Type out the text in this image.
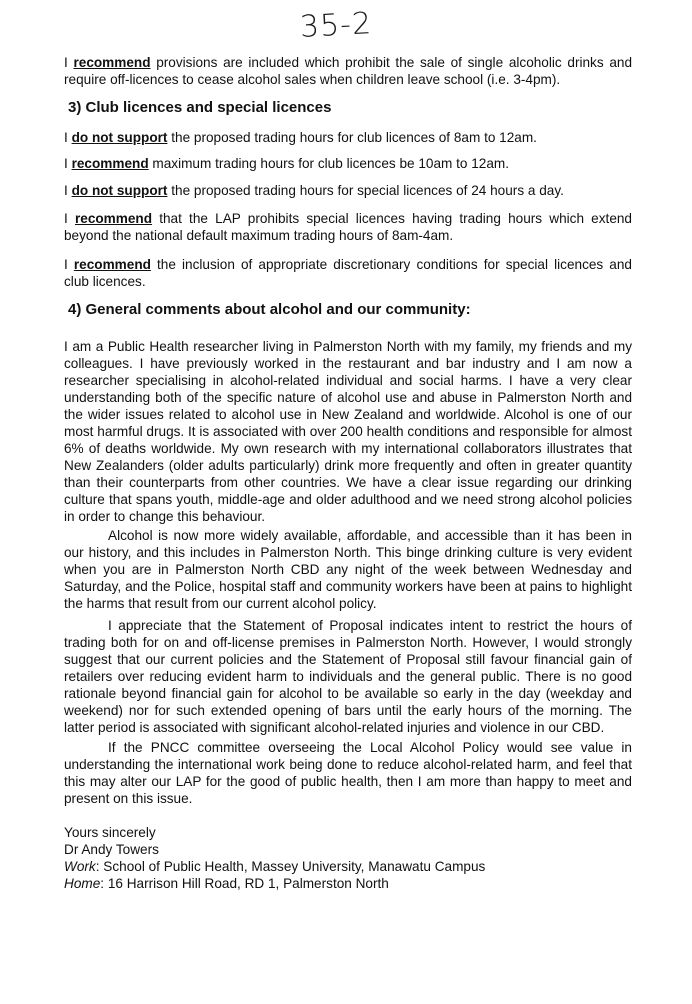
35-2

I recommend provisions are included which prohibit the sale of single alcoholic drinks and require off-licences to cease alcohol sales when children leave school (i.e. 3-4pm).

3) Club licences and special licences

I do not support the proposed trading hours for club licences of 8am to 12am.

I recommend maximum trading hours for club licences be 10am to 12am.

I do not support the proposed trading hours for special licences of 24 hours a day.

I recommend that the LAP prohibits special licences having trading hours which extend beyond the national default maximum trading hours of 8am-4am.

I recommend the inclusion of appropriate discretionary conditions for special licences and club licences.

4) General comments about alcohol and our community:

I am a Public Health researcher living in Palmerston North with my family, my friends and my colleagues. I have previously worked in the restaurant and bar industry and I am now a researcher specialising in alcohol-related individual and social harms. I have a very clear understanding both of the specific nature of alcohol use and abuse in Palmerston North and the wider issues related to alcohol use in New Zealand and worldwide. Alcohol is one of our most harmful drugs. It is associated with over 200 health conditions and responsible for almost 6% of deaths worldwide. My own research with my international collaborators illustrates that New Zealanders (older adults particularly) drink more frequently and often in greater quantity than their counterparts from other countries. We have a clear issue regarding our drinking culture that spans youth, middle-age and older adulthood and we need strong alcohol policies in order to change this behaviour.

Alcohol is now more widely available, affordable, and accessible than it has been in our history, and this includes in Palmerston North. This binge drinking culture is very evident when you are in Palmerston North CBD any night of the week between Wednesday and Saturday, and the Police, hospital staff and community workers have been at pains to highlight the harms that result from our current alcohol policy.

I appreciate that the Statement of Proposal indicates intent to restrict the hours of trading both for on and off-license premises in Palmerston North. However, I would strongly suggest that our current policies and the Statement of Proposal still favour financial gain of retailers over reducing evident harm to individuals and the general public. There is no good rationale beyond financial gain for alcohol to be available so early in the day (weekday and weekend) nor for such extended opening of bars until the early hours of the morning. The latter period is associated with significant alcohol-related injuries and violence in our CBD.

If the PNCC committee overseeing the Local Alcohol Policy would see value in understanding the international work being done to reduce alcohol-related harm, and feel that this may alter our LAP for the good of public health, then I am more than happy to meet and present on this issue.

Yours sincerely

Dr Andy Towers

Work: School of Public Health, Massey University, Manawatu Campus

Home: 16 Harrison Hill Road, RD 1, Palmerston North
